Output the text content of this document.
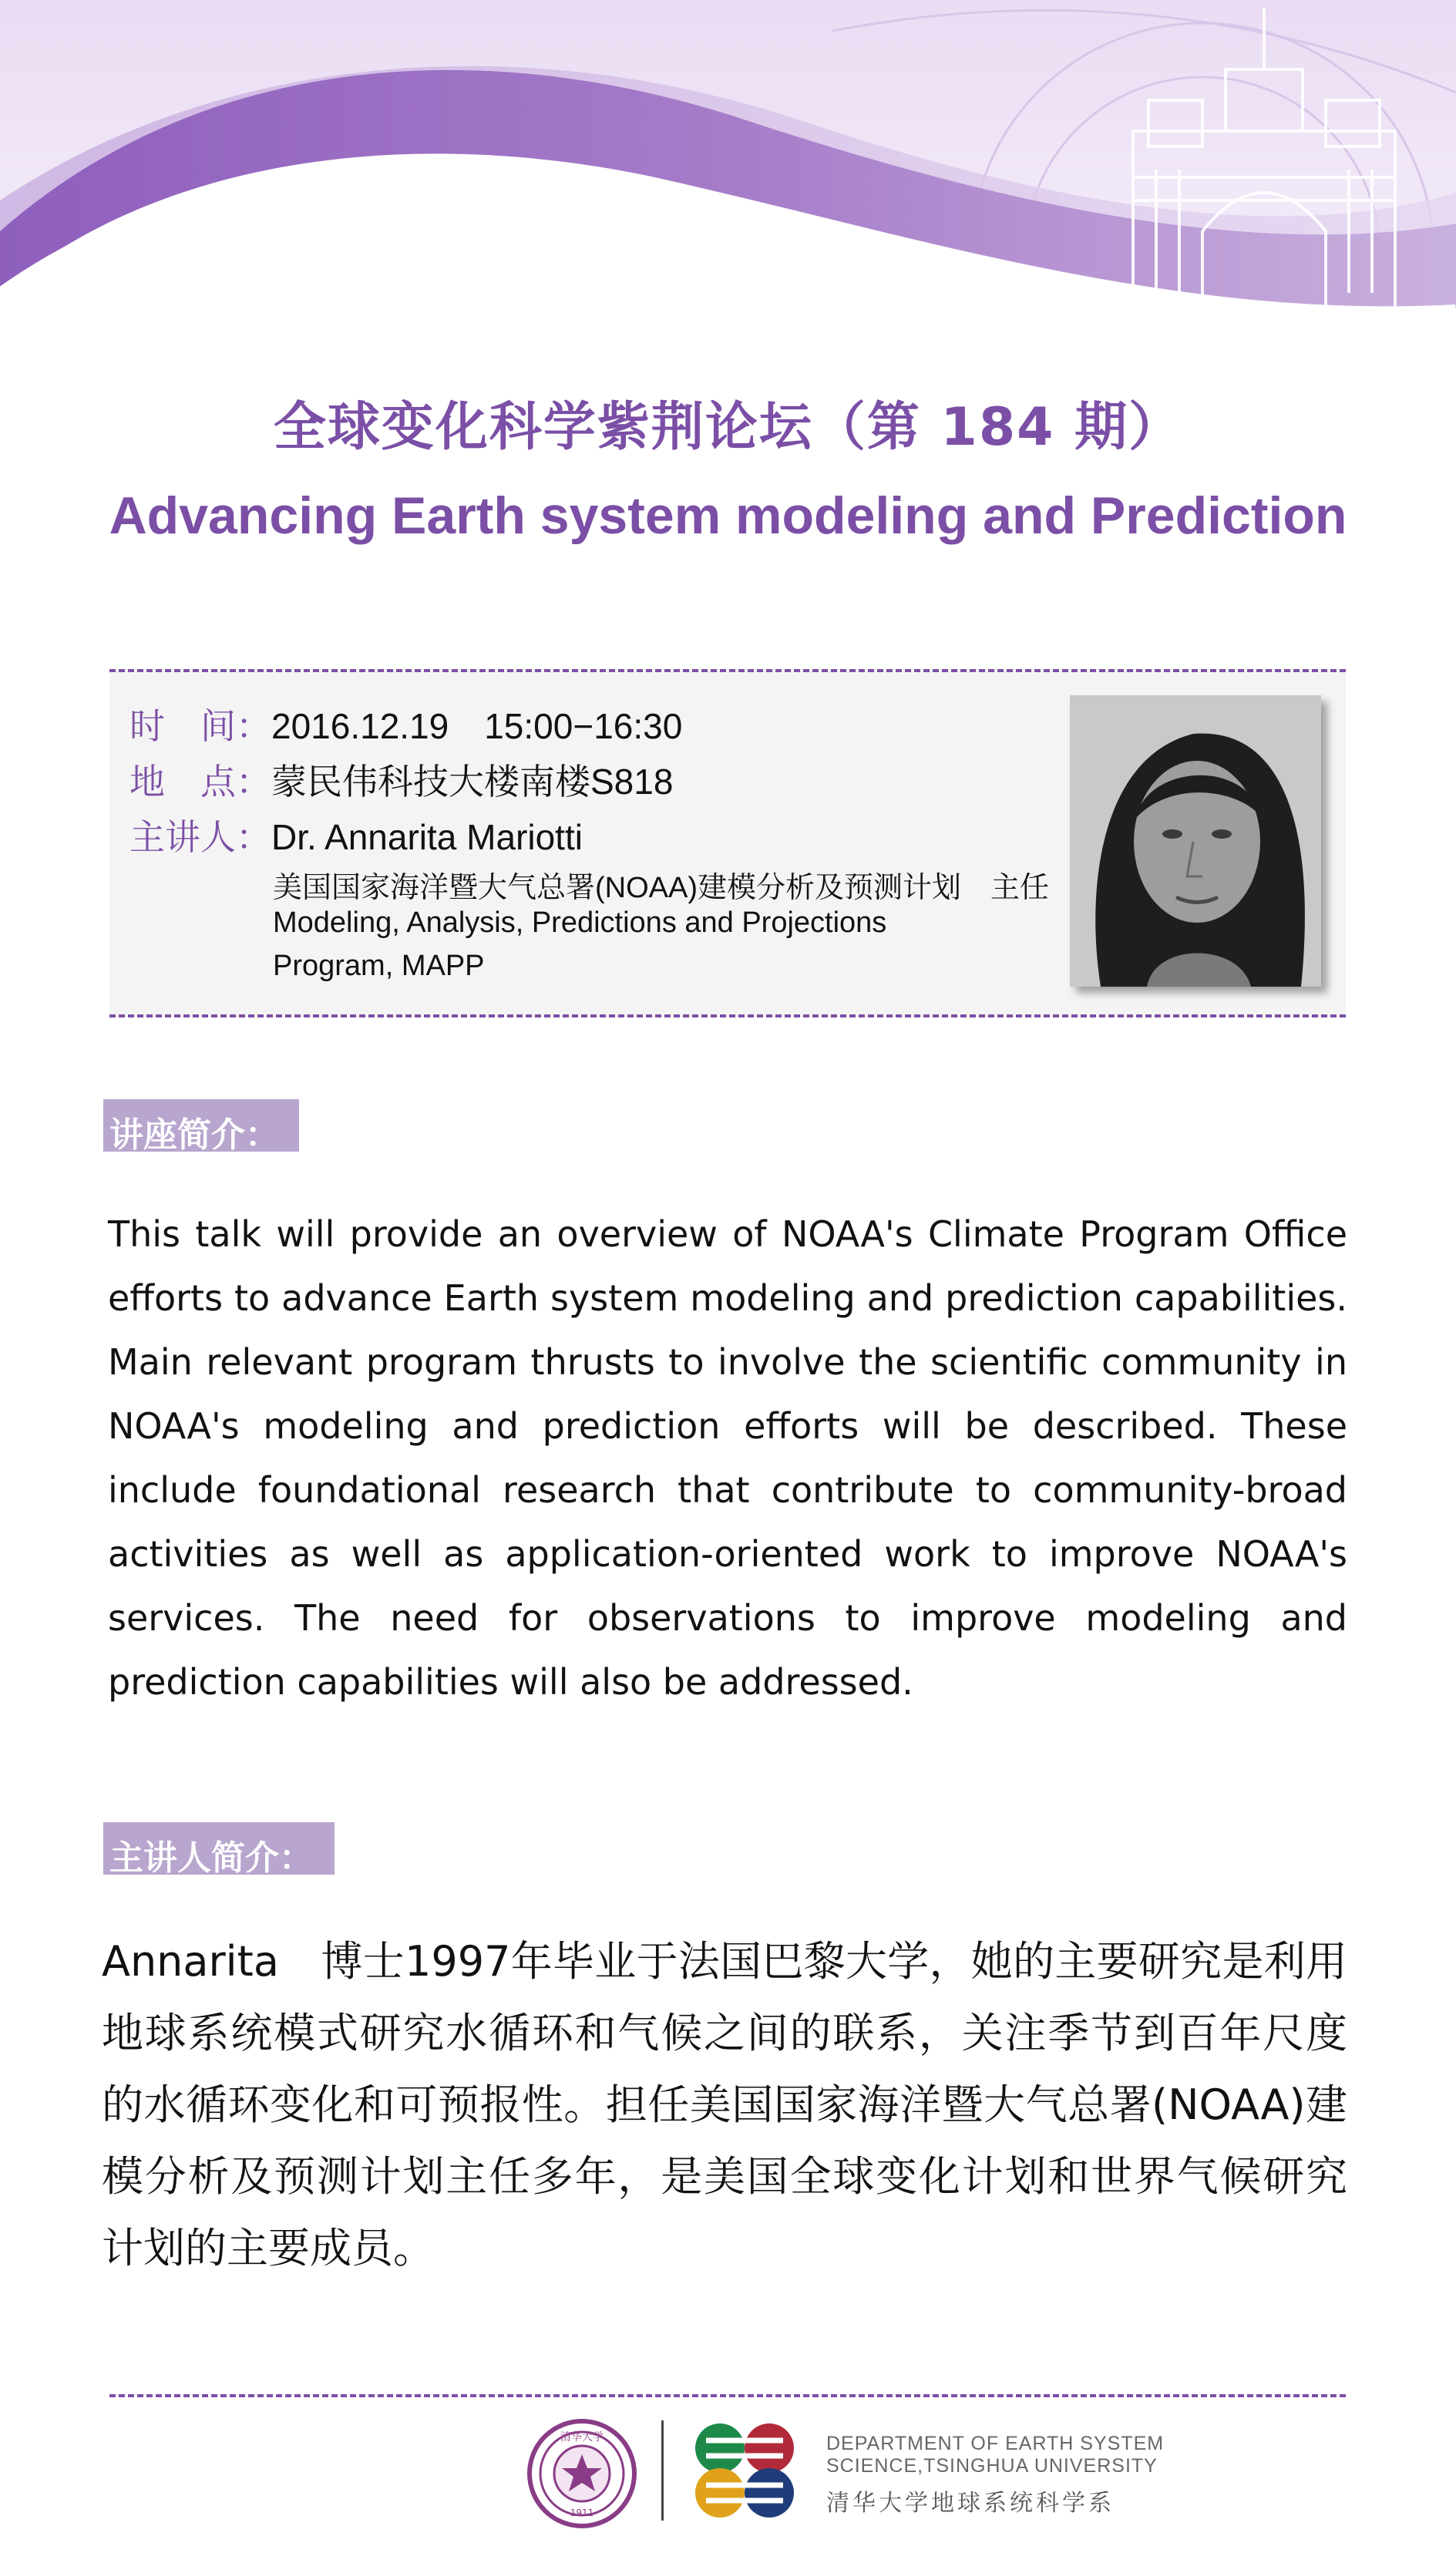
全球变化科学紫荆论坛（第 184 期）
Advancing Earth system modeling and Prediction
时　间：2016.12.19　15:00−16:30
地　点：蒙民伟科技大楼南楼S818
主讲人：Dr. Annarita Mariotti
美国国家海洋暨大气总署(NOAA)建模分析及预测计划　主任
Modeling, Analysis, Predictions and Projections
Program, MAPP
讲座简介：
This talk will provide an overview of NOAA's Climate Program Office efforts to advance Earth system modeling and prediction capabilities. Main relevant program thrusts to involve the scientific community in NOAA's modeling and prediction efforts will be described. These include foundational research that contribute to community-broad activities as well as application-oriented work to improve NOAA's services. The need for observations to improve modeling and prediction capabilities will also be addressed.
主讲人简介：
Annarita　博士1997年毕业于法国巴黎大学，她的主要研究是利用地球系统模式研究水循环和气候之间的联系，关注季节到百年尺度的水循环变化和可预报性。担任美国国家海洋暨大气总署(NOAA)建模分析及预测计划主任多年，是美国全球变化计划和世界气候研究计划的主要成员。
清华大学
1911
DEPARTMENT OF EARTH SYSTEM
SCIENCE,TSINGHUA UNIVERSITY
清华大学地球系统科学系
